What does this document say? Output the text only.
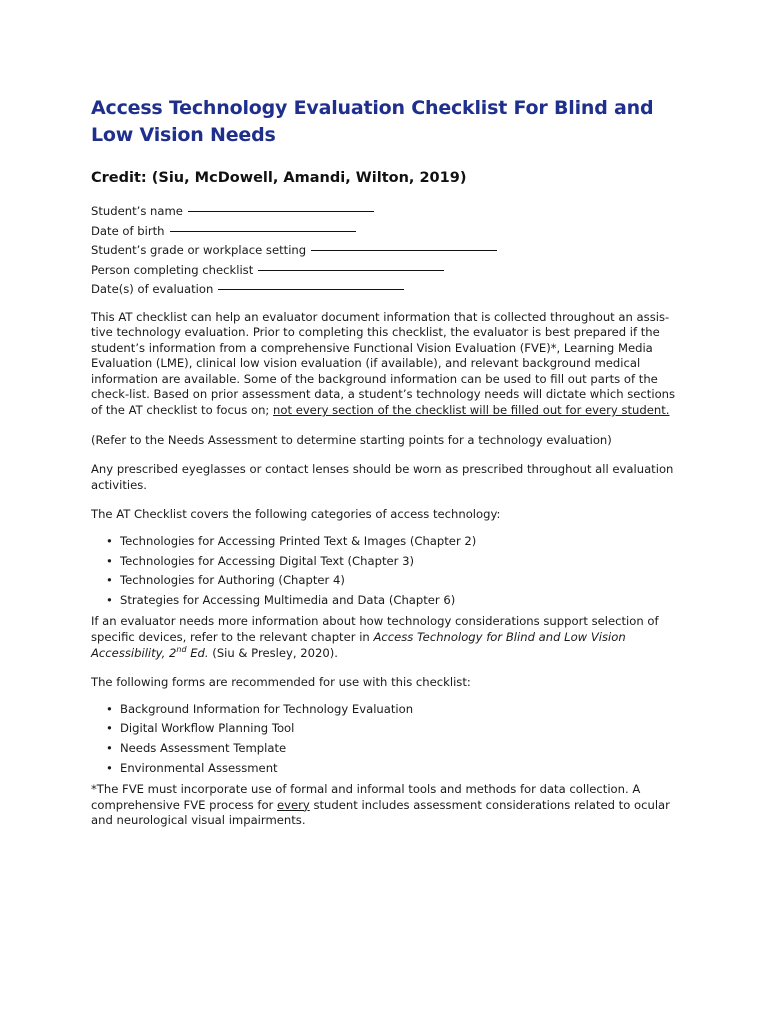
Access Technology Evaluation Checklist For Blind and Low Vision Needs
Credit: (Siu, McDowell, Amandi, Wilton, 2019)
Student’s name
Date of birth
Student’s grade or workplace setting
Person completing checklist
Date(s) of evaluation

This AT checklist can help an evaluator document information that is collected throughout an assis-tive technology evaluation. Prior to completing this checklist, the evaluator is best prepared if the student’s information from a comprehensive Functional Vision Evaluation (FVE)*, Learning Media Evaluation (LME), clinical low vision evaluation (if available), and relevant background medical information are available. Some of the background information can be used to fill out parts of the check-list. Based on prior assessment data, a student’s technology needs will dictate which sections of the AT checklist to focus on; not every section of the checklist will be filled out for every student.

(Refer to the Needs Assessment to determine starting points for a technology evaluation)

Any prescribed eyeglasses or contact lenses should be worn as prescribed throughout all evaluation activities.

The AT Checklist covers the following categories of access technology:

• Technologies for Accessing Printed Text & Images (Chapter 2)
• Technologies for Accessing Digital Text (Chapter 3)
• Technologies for Authoring (Chapter 4)
• Strategies for Accessing Multimedia and Data (Chapter 6)

If an evaluator needs more information about how technology considerations support selection of specific devices, refer to the relevant chapter in Access Technology for Blind and Low Vision Accessibility, 2nd Ed. (Siu & Presley, 2020).

The following forms are recommended for use with this checklist:

• Background Information for Technology Evaluation
• Digital Workflow Planning Tool
• Needs Assessment Template
• Environmental Assessment

*The FVE must incorporate use of formal and informal tools and methods for data collection. A comprehensive FVE process for every student includes assessment considerations related to ocular and neurological visual impairments.
